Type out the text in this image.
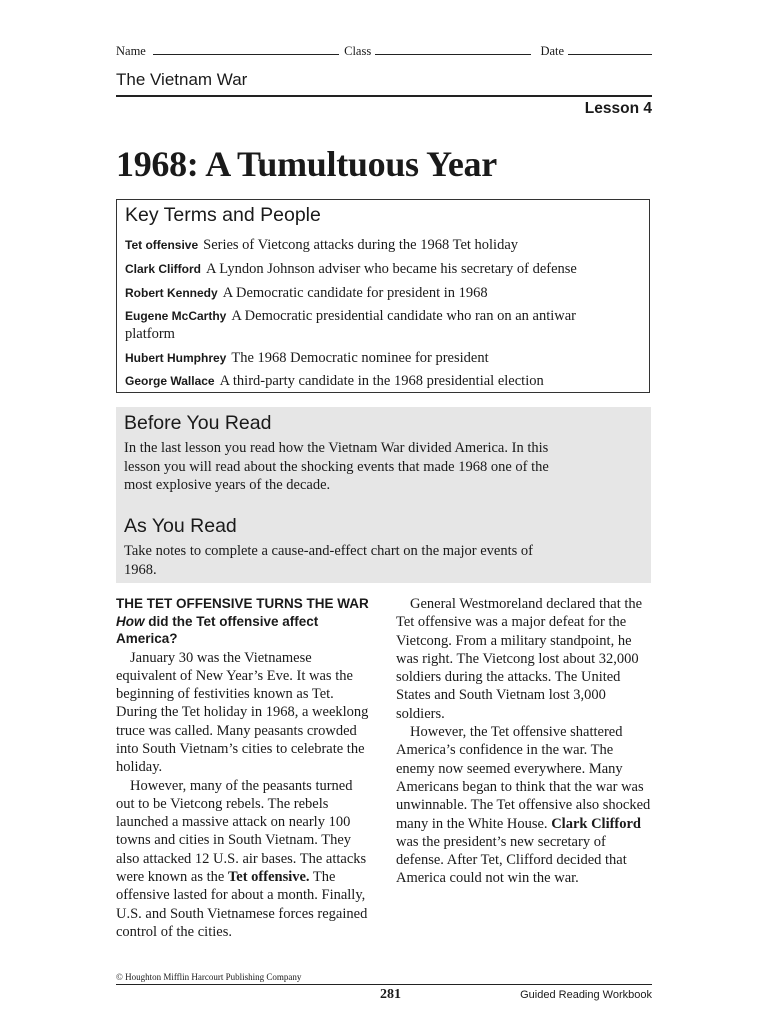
Name	Class	Date
The Vietnam War
Lesson 4
1968: A Tumultuous Year
Key Terms and People
Tet offensive Series of Vietcong attacks during the 1968 Tet holiday
Clark Clifford A Lyndon Johnson adviser who became his secretary of defense
Robert Kennedy A Democratic candidate for president in 1968
Eugene McCarthy A Democratic presidential candidate who ran on an antiwar platform
Hubert Humphrey The 1968 Democratic nominee for president
George Wallace A third-party candidate in the 1968 presidential election
Before You Read
In the last lesson you read how the Vietnam War divided America. In this lesson you will read about the shocking events that made 1968 one of the most explosive years of the decade.
As You Read
Take notes to complete a cause-and-effect chart on the major events of 1968.

THE TET OFFENSIVE TURNS THE WAR

How did the Tet offensive affect America?

January 30 was the Vietnamese equivalent of New Year’s Eve. It was the beginning of festivities known as Tet. During the Tet holiday in 1968, a weeklong truce was called. Many peasants crowded into South Vietnam’s cities to celebrate the holiday.

However, many of the peasants turned out to be Vietcong rebels. The rebels launched a massive attack on nearly 100 towns and cities in South Vietnam. They also attacked 12 U.S. air bases. The attacks were known as the Tet offensive. The offensive lasted for about a month. Finally, U.S. and South Vietnamese forces regained control of the cities.

General Westmoreland declared that the Tet offensive was a major defeat for the Vietcong. From a military standpoint, he was right. The Vietcong lost about 32,000 soldiers during the attacks. The United States and South Vietnam lost 3,000 soldiers.

However, the Tet offensive shattered America’s confidence in the war. The enemy now seemed everywhere. Many Americans began to think that the war was unwinnable. The Tet offensive also shocked many in the White House. Clark Clifford was the president’s new secretary of defense. After Tet, Clifford decided that America could not win the war.

© Houghton Mifflin Harcourt Publishing Company
281	Guided Reading Workbook
